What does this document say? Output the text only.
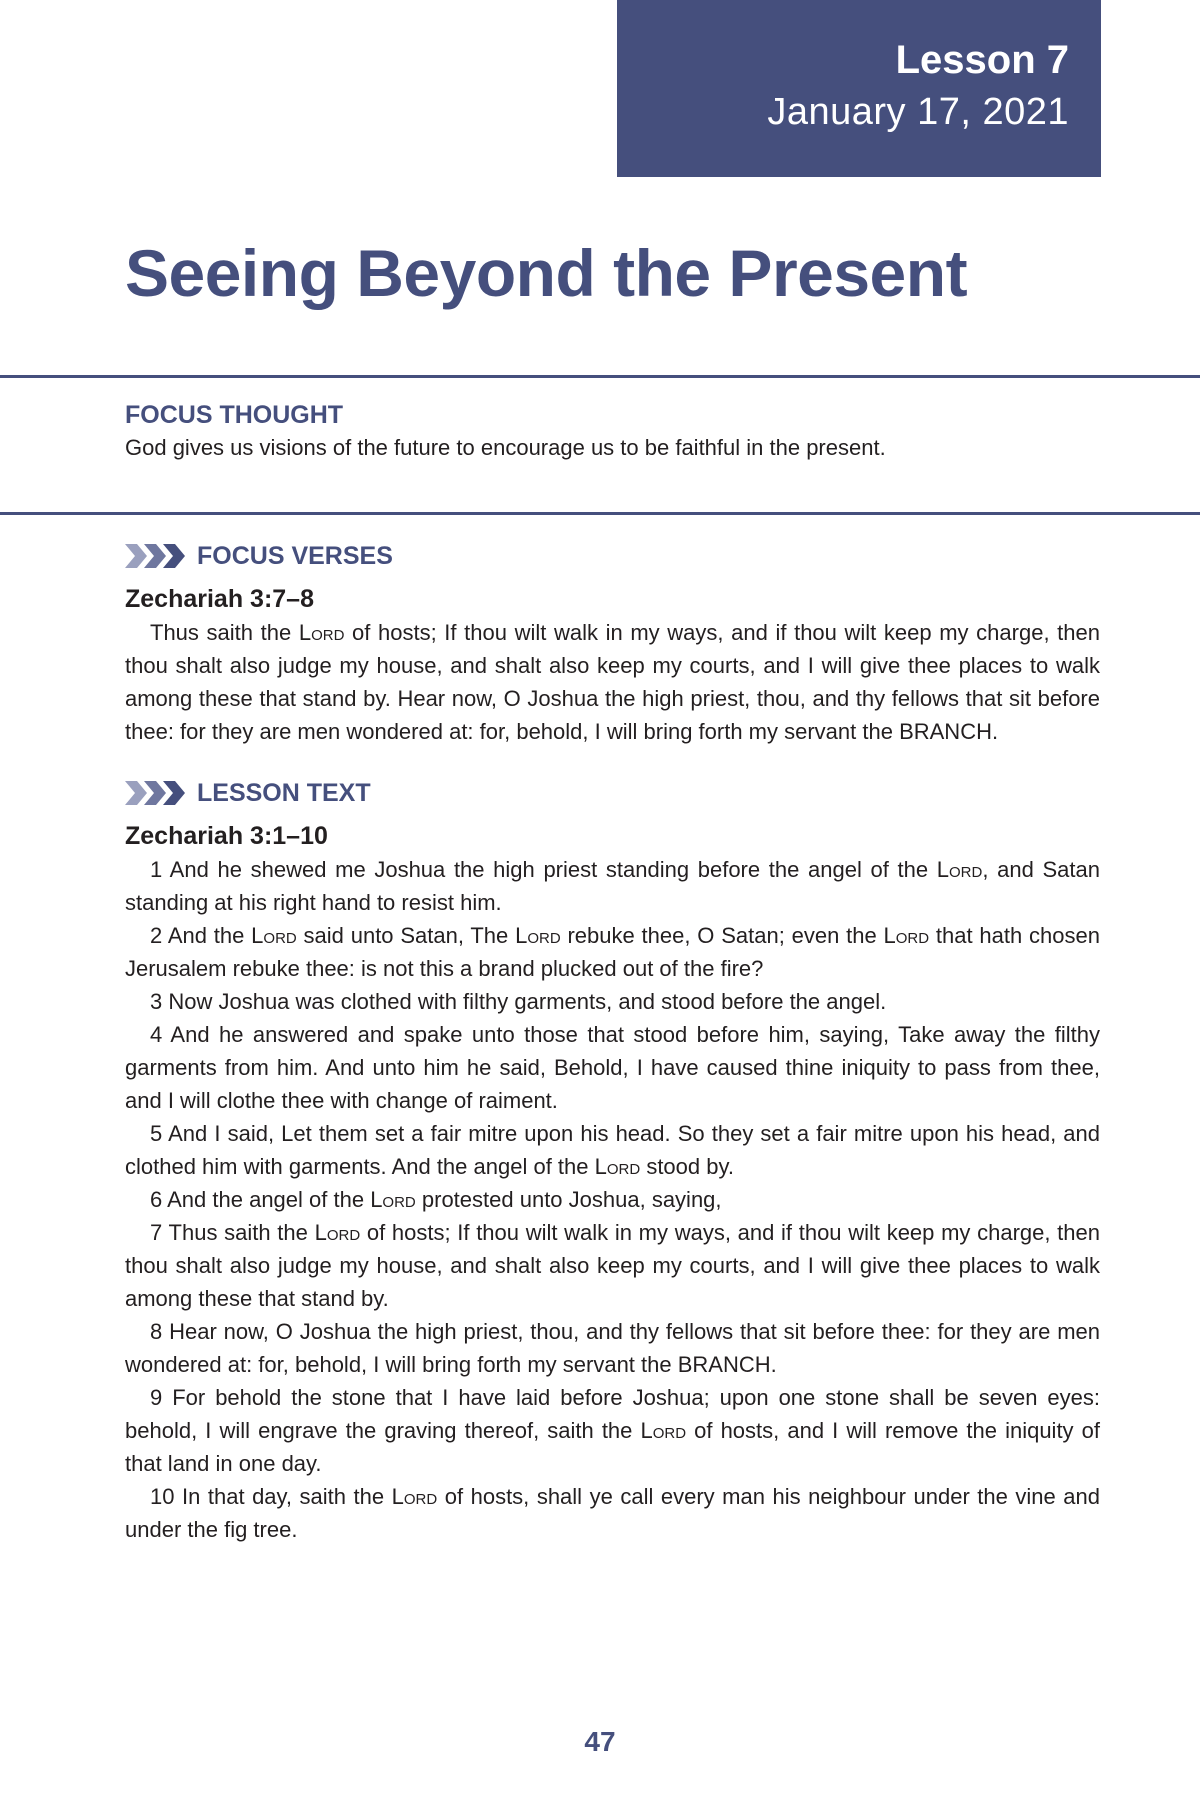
Lesson 7
January 17, 2021
Seeing Beyond the Present
FOCUS THOUGHT
God gives us visions of the future to encourage us to be faithful in the present.
FOCUS VERSES
Zechariah 3:7–8

Thus saith the Lord of hosts; If thou wilt walk in my ways, and if thou wilt keep my charge, then thou shalt also judge my house, and shalt also keep my courts, and I will give thee places to walk among these that stand by. Hear now, O Joshua the high priest, thou, and thy fellows that sit before thee: for they are men wondered at: for, behold, I will bring forth my servant the BRANCH.

LESSON TEXT
Zechariah 3:1–10

1 And he shewed me Joshua the high priest standing before the angel of the Lord, and Satan standing at his right hand to resist him.

2 And the Lord said unto Satan, The Lord rebuke thee, O Satan; even the Lord that hath chosen Jerusalem rebuke thee: is not this a brand plucked out of the fire?

3 Now Joshua was clothed with filthy garments, and stood before the angel.

4 And he answered and spake unto those that stood before him, saying, Take away the filthy garments from him. And unto him he said, Behold, I have caused thine iniquity to pass from thee, and I will clothe thee with change of raiment.

5 And I said, Let them set a fair mitre upon his head. So they set a fair mitre upon his head, and clothed him with garments. And the angel of the Lord stood by.

6 And the angel of the Lord protested unto Joshua, saying,

7 Thus saith the Lord of hosts; If thou wilt walk in my ways, and if thou wilt keep my charge, then thou shalt also judge my house, and shalt also keep my courts, and I will give thee places to walk among these that stand by.

8 Hear now, O Joshua the high priest, thou, and thy fellows that sit before thee: for they are men wondered at: for, behold, I will bring forth my servant the BRANCH.

9 For behold the stone that I have laid before Joshua; upon one stone shall be seven eyes: behold, I will engrave the graving thereof, saith the Lord of hosts, and I will remove the iniquity of that land in one day.

10 In that day, saith the Lord of hosts, shall ye call every man his neighbour under the vine and under the fig tree.

47
